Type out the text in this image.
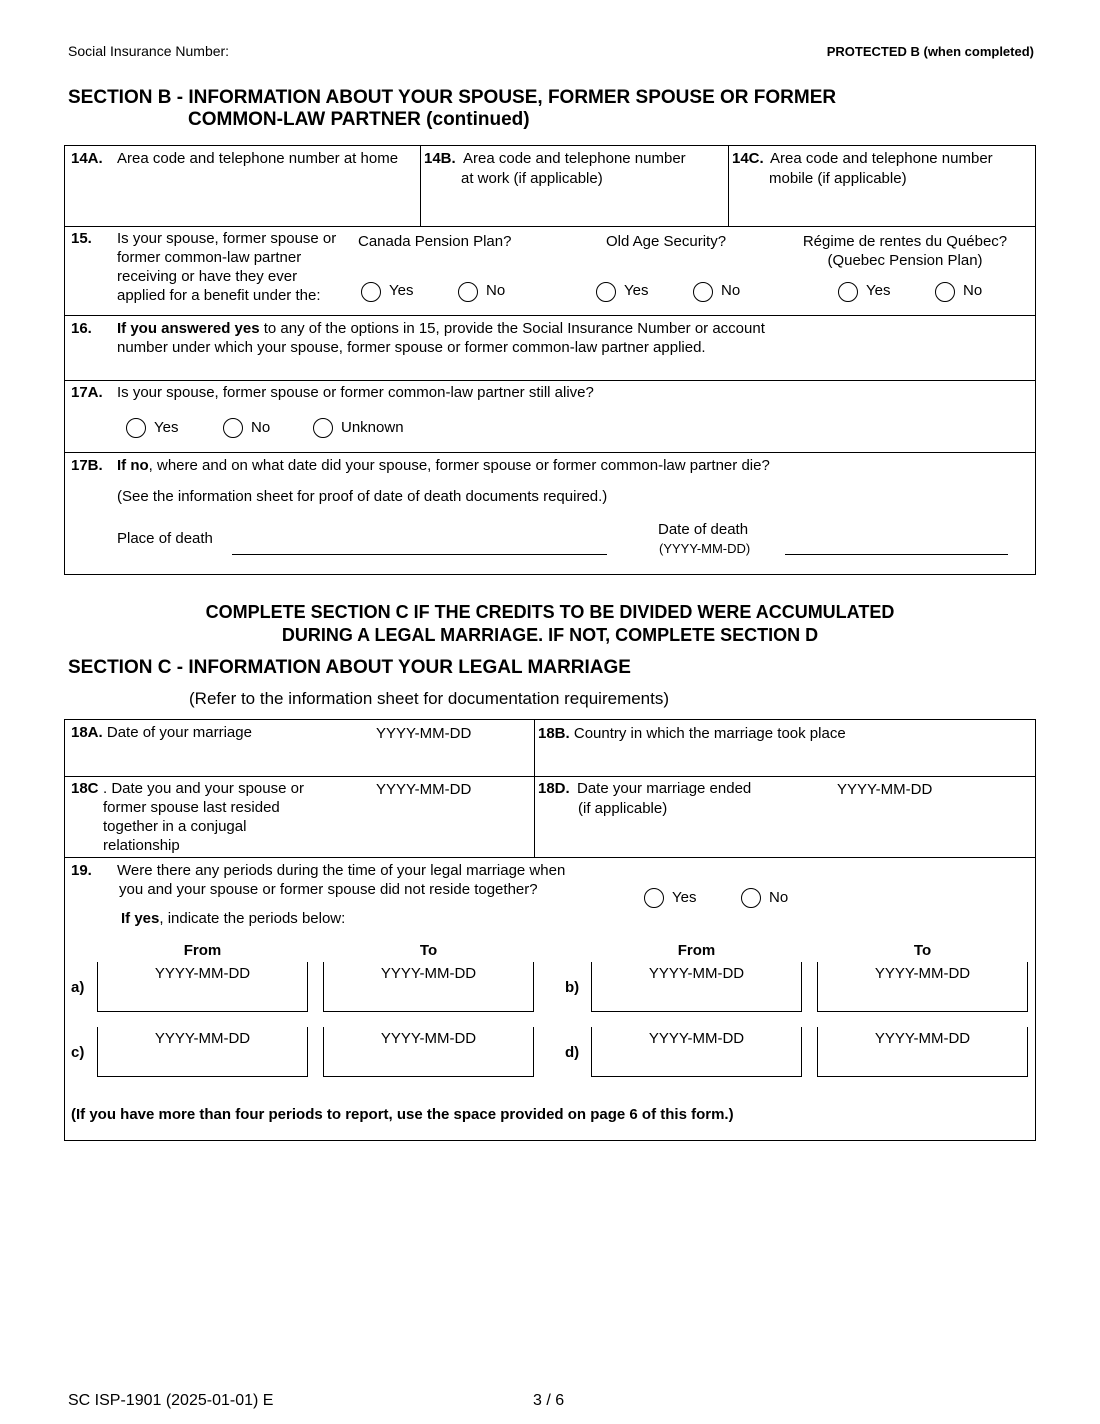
Social Insurance Number:	PROTECTED B (when completed)
SECTION B - INFORMATION ABOUT YOUR SPOUSE, FORMER SPOUSE OR FORMER
COMMON-LAW PARTNER (continued)
14A. Area code and telephone number at home	14B. Area code and telephone number
at work (if applicable)
14C. Area code and telephone number
mobile (if applicable)
15. Is your spouse, former spouse or former common-law partner receiving or have they ever applied for a benefit under the:
Canada Pension Plan?	Old Age Security?	Régime de rentes du Québec?
(Quebec Pension Plan)
Yes	No	Yes	No	Yes	No
16. If you answered yes to any of the options in 15, provide the Social Insurance Number or account number under which your spouse, former spouse or former common-law partner applied.
17A. Is your spouse, former spouse or former common-law partner still alive?
Yes	No	Unknown
17B. If no, where and on what date did your spouse, former spouse or former common-law partner die?
(See the information sheet for proof of date of death documents required.)
Place of death
Date of death
(YYYY-MM-DD)
COMPLETE SECTION C IF THE CREDITS TO BE DIVIDED WERE ACCUMULATED
DURING A LEGAL MARRIAGE. IF NOT, COMPLETE SECTION D
SECTION C - INFORMATION ABOUT YOUR LEGAL MARRIAGE
(Refer to the information sheet for documentation requirements)
18A. Date of your marriage	YYYY-MM-DD	18B. Country in which the marriage took place
18C . Date you and your spouse or former spouse last resided together in a conjugal relationship
YYYY-MM-DD	18D. Date your marriage ended
(if applicable)
YYYY-MM-DD
19. Were there any periods during the time of your legal marriage when
you and your spouse or former spouse did not reside together?
If yes, indicate the periods below:
Yes	No
From	To	From	To
a)
YYYY-MM-DD	YYYY-MM-DD
b)
YYYY-MM-DD	YYYY-MM-DD
c)
YYYY-MM-DD	YYYY-MM-DD
d)
YYYY-MM-DD	YYYY-MM-DD
(If you have more than four periods to report, use the space provided on page 6 of this form.)
SC ISP-1901 (2025-01-01) E	3 / 6
